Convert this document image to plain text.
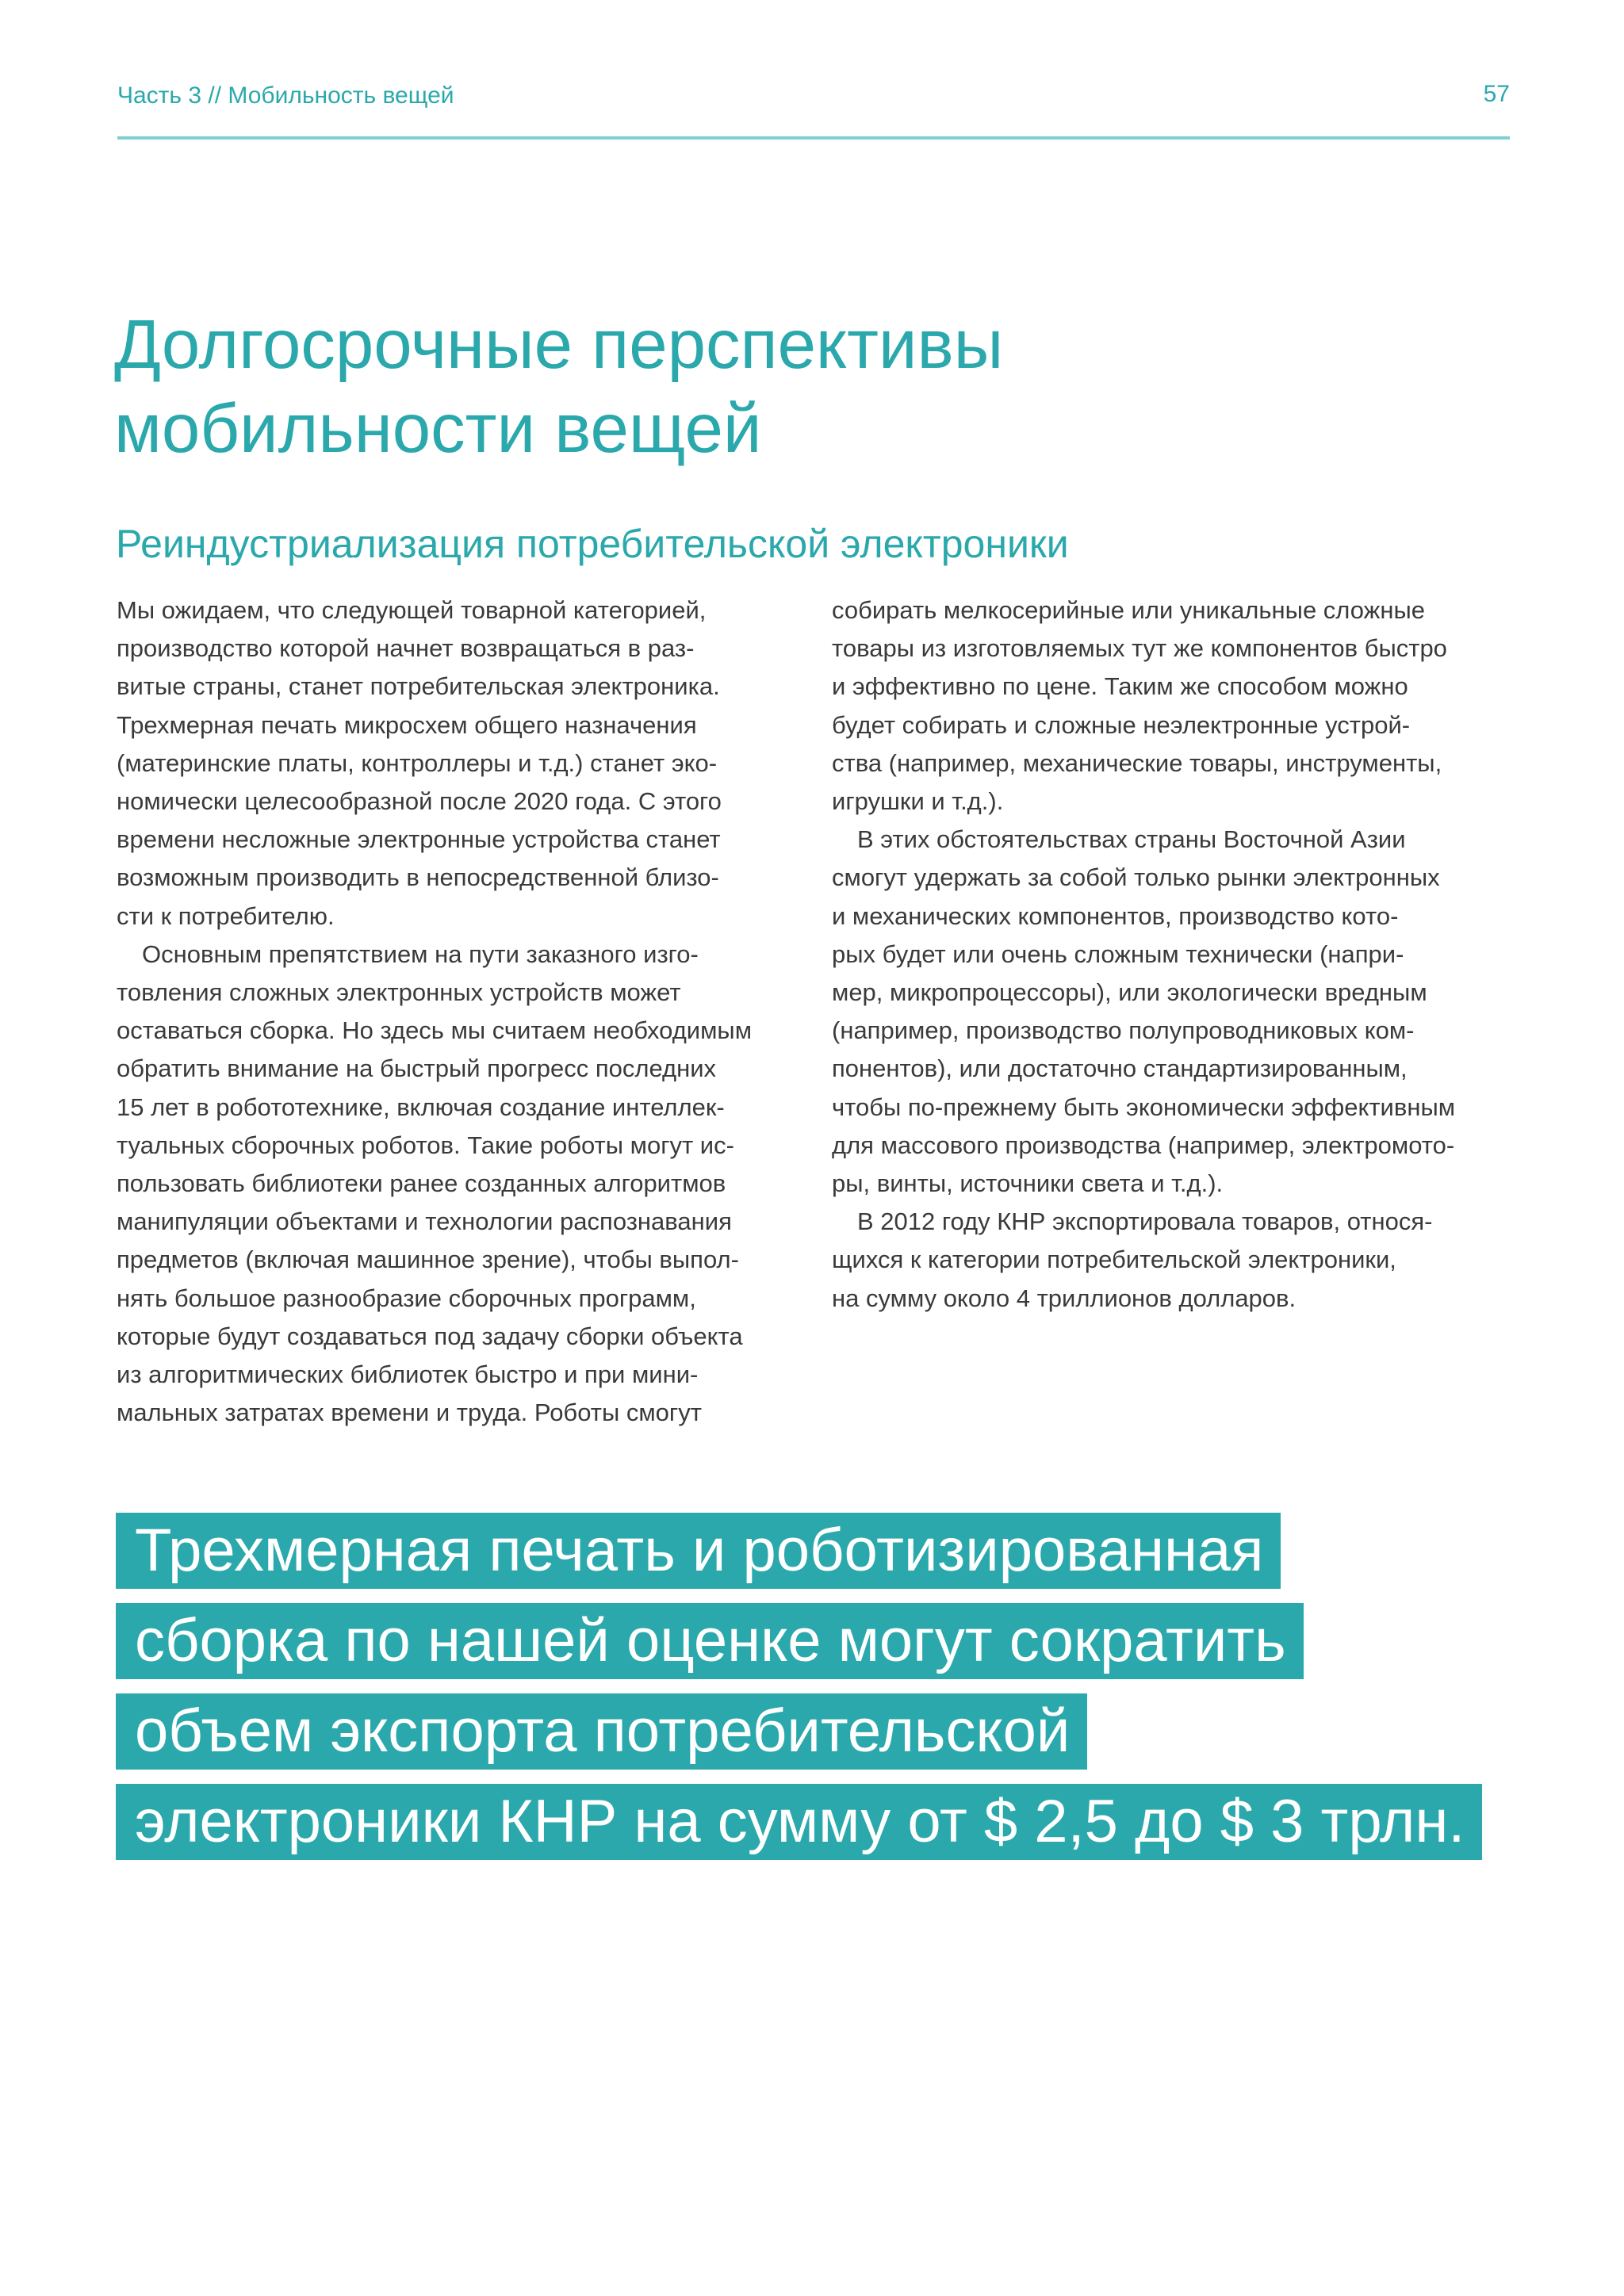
Часть 3 // Мобильность вещей	57
Долгосрочные перспективы
мобильности вещей
Реиндустриализация потребительской электроники
Мы ожидаем, что следующей товарной категорией,
производство которой начнет возвращаться в раз-
витые страны, станет потребительская электроника.
Трехмерная печать микросхем общего назначения
(материнские платы, контроллеры и т.д.) станет эко-
номически целесообразной после 2020 года. С этого
времени несложные электронные устройства станет
возможным производить в непосредственной близо-
сти к потребителю.
Основным препятствием на пути заказного изго-
товления сложных электронных устройств может
оставаться сборка. Но здесь мы считаем необходимым
обратить внимание на быстрый прогресс последних
15 лет в робототехнике, включая создание интеллек-
туальных сборочных роботов. Такие роботы могут ис-
пользовать библиотеки ранее созданных алгоритмов
манипуляции объектами и технологии распознавания
предметов (включая машинное зрение), чтобы выпол-
нять большое разнообразие сборочных программ,
которые будут создаваться под задачу сборки объекта
из алгоритмических библиотек быстро и при мини-
мальных затратах времени и труда. Роботы смогут
собирать мелкосерийные или уникальные сложные
товары из изготовляемых тут же компонентов быстро
и эффективно по цене. Таким же способом можно
будет собирать и сложные неэлектронные устрой-
ства (например, механические товары, инструменты,
игрушки и т.д.).
В этих обстоятельствах страны Восточной Азии
смогут удержать за собой только рынки электронных
и механических компонентов, производство кото-
рых будет или очень сложным технически (напри-
мер, микропроцессоры), или экологически вредным
(например, производство полупроводниковых ком-
понентов), или достаточно стандартизированным,
чтобы по-прежнему быть экономически эффективным
для массового производства (например, электромото-
ры, винты, источники света и т.д.).
В 2012 году КНР экспортировала товаров, относя-
щихся к категории потребительской электроники,
на сумму около 4 триллионов долларов.
Трехмерная печать и роботизированная
сборка по нашей оценке могут сократить
объем экспорта потребительской
электроники КНР на сумму от $ 2,5 до $ 3 трлн.
